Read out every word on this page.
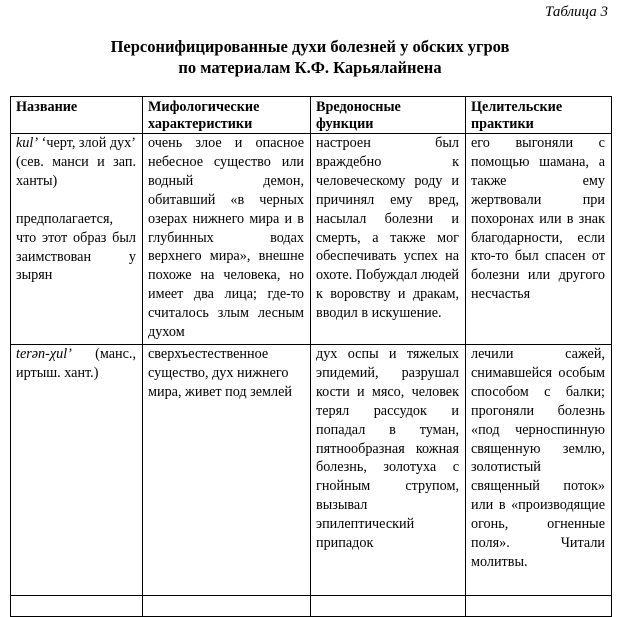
Таблица 3
Персонифицированные духи болезней у обских угров
по материалам К.Ф. Карьялайнена
Название	Мифологические характеристики	Вредоносные функции	Целительские практики

kul’ ‘черт, злой дух’ (сев. манси и зап. ханты)

предполагается, что этот образ был заимствован у зырян	очень злое и опасное небесное существо или водный демон, обитавший «в черных озерах нижнего мира и в глубинных водах верхнего мира», внешне похоже на человека, но имеет два лица; где-то считалось злым лесным духом	настроен был враждебно к человеческому роду и причинял ему вред, насылал болезни и смерть, а также мог обеспечивать успех на охоте. Побуждал людей к воровству и дракам, вводил в искушение.	его выгоняли с помощью шамана, а также ему жертвовали при похоронах или в знак благодарности, если кто-то был спасен от болезни или другого несчастья
terən-χul’ (манс., иртыш. хант.)	сверхъестественное существо, дух нижнего мира, живет под землей	дух оспы и тяжелых эпидемий, разрушал кости и мясо, человек терял рассудок и попадал в туман, пятнообразная кожная болезнь, золотуха с гнойным струпом, вызывал эпилептический припадок	лечили сажей, снимавшейся особым способом с балки; прогоняли болезнь «под черноспинную священную землю, золотистый священный поток» или в «производящие огонь, огненные поля». Читали молитвы.
